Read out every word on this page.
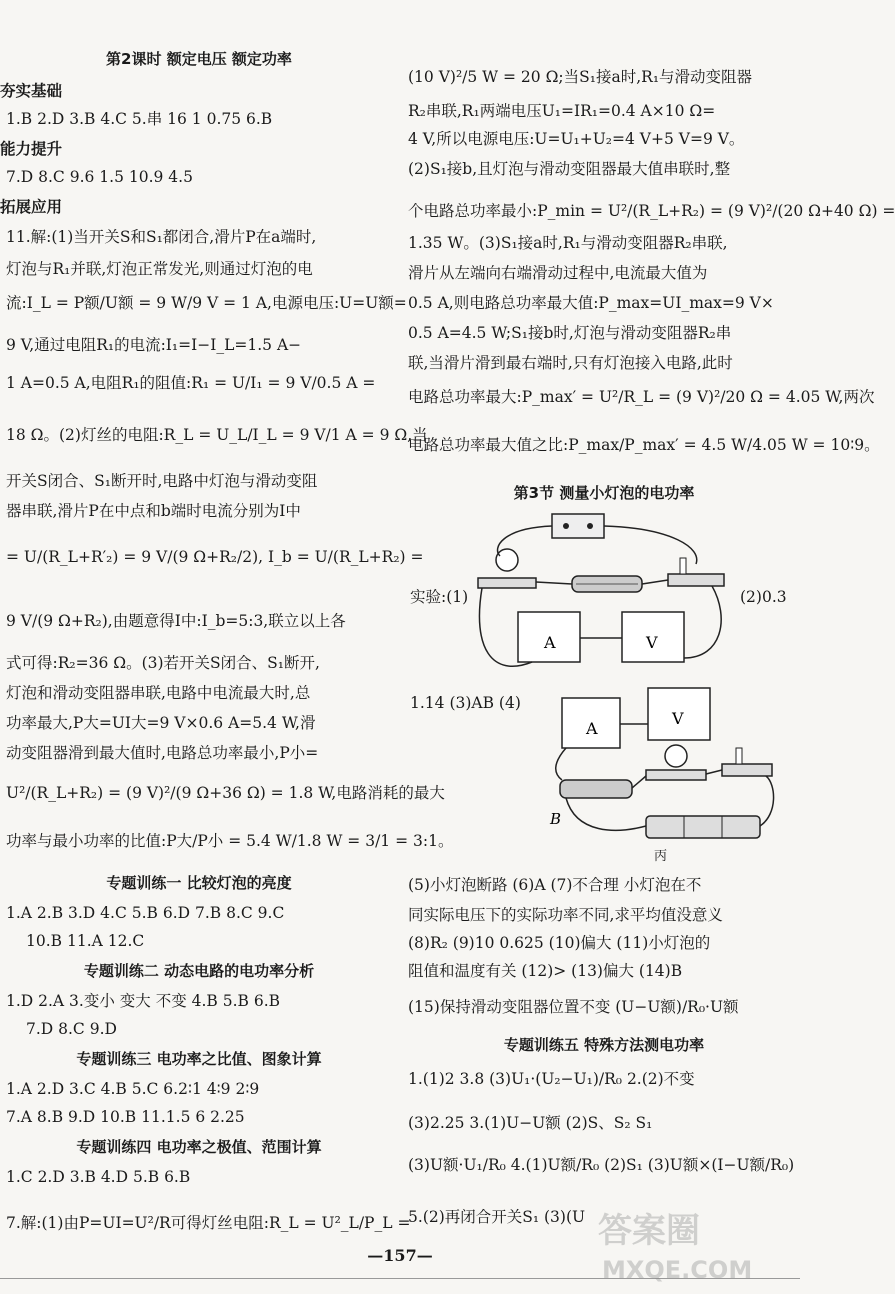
第2课时 额定电压 额定功率
夯实基础
1.B 2.D 3.B 4.C 5.串 16 1 0.75 6.B
能力提升
7.D 8.C 9.6 1.5 10.9 4.5
拓展应用
11.解:(1)当开关S和S₁都闭合,滑片P在a端时,
灯泡与R₁并联,灯泡正常发光,则通过灯泡的电
流:I_L = P额/U额 = 9 W/9 V = 1 A,电源电压:U=U额=
9 V,通过电阻R₁的电流:I₁=I−I_L=1.5 A−
1 A=0.5 A,电阻R₁的阻值:R₁ = U/I₁ = 9 V/0.5 A =
18 Ω。(2)灯丝的电阻:R_L = U_L/I_L = 9 V/1 A = 9 Ω,当
开关S闭合、S₁断开时,电路中灯泡与滑动变阻
器串联,滑片P在中点和b端时电流分别为I中
= U/(R_L+R′₂) = 9 V/(9 Ω+R₂/2), I_b = U/(R_L+R₂) =
9 V/(9 Ω+R₂),由题意得I中:I_b=5:3,联立以上各
式可得:R₂=36 Ω。(3)若开关S闭合、S₁断开,
灯泡和滑动变阻器串联,电路中电流最大时,总
功率最大,P大=UI大=9 V×0.6 A=5.4 W,滑
动变阻器滑到最大值时,电路总功率最小,P小=
U²/(R_L+R₂) = (9 V)²/(9 Ω+36 Ω) = 1.8 W,电路消耗的最大
功率与最小功率的比值:P大/P小 = 5.4 W/1.8 W = 3/1 = 3:1。
专题训练一 比较灯泡的亮度
1.A 2.B 3.D 4.C 5.B 6.D 7.B 8.C 9.C
10.B 11.A 12.C
专题训练二 动态电路的电功率分析
1.D 2.A 3.变小 变大 不变 4.B 5.B 6.B
7.D 8.C 9.D
专题训练三 电功率之比值、图象计算
1.A 2.D 3.C 4.B 5.C 6.2∶1 4∶9 2∶9
7.A 8.B 9.D 10.B 11.1.5 6 2.25
专题训练四 电功率之极值、范围计算
1.C 2.D 3.B 4.D 5.B 6.B
7.解:(1)由P=UI=U²/R可得灯丝电阻:R_L = U²_L/P_L =
(10 V)²/5 W = 20 Ω;当S₁接a时,R₁与滑动变阻器
R₂串联,R₁两端电压U₁=IR₁=0.4 A×10 Ω=
4 V,所以电源电压:U=U₁+U₂=4 V+5 V=9 V。
(2)S₁接b,且灯泡与滑动变阻器最大值串联时,整
个电路总功率最小:P_min = U²/(R_L+R₂) = (9 V)²/(20 Ω+40 Ω) =
1.35 W。(3)S₁接a时,R₁与滑动变阻器R₂串联,
滑片从左端向右端滑动过程中,电流最大值为
0.5 A,则电路总功率最大值:P_max=UI_max=9 V×
0.5 A=4.5 W;S₁接b时,灯泡与滑动变阻器R₂串
联,当滑片滑到最右端时,只有灯泡接入电路,此时
电路总功率最大:P_max′ = U²/R_L = (9 V)²/20 Ω = 4.05 W,两次
电路总功率最大值之比:P_max/P_max′ = 4.5 W/4.05 W = 10∶9。
第3节 测量小灯泡的电功率
实验:(1)	(2)0.3
A	V
1.14 (3)AB (4)
A
V
B
丙
(5)小灯泡断路 (6)A (7)不合理 小灯泡在不
同实际电压下的实际功率不同,求平均值没意义
(8)R₂ (9)10 0.625 (10)偏大 (11)小灯泡的
阻值和温度有关 (12)> (13)偏大 (14)B
(15)保持滑动变阻器位置不变 (U−U额)/R₀·U额
专题训练五 特殊方法测电功率
1.(1)2 3.8 (3)U₁·(U₂−U₁)/R₀ 2.(2)不变
(3)2.25 3.(1)U−U额 (2)S、S₂ S₁
(3)U额·U₁/R₀ 4.(1)U额/R₀ (2)S₁ (3)U额×(I−U额/R₀)
5.(2)再闭合开关S₁ (3)(U
—157—
答案圈
MXQE.COM
